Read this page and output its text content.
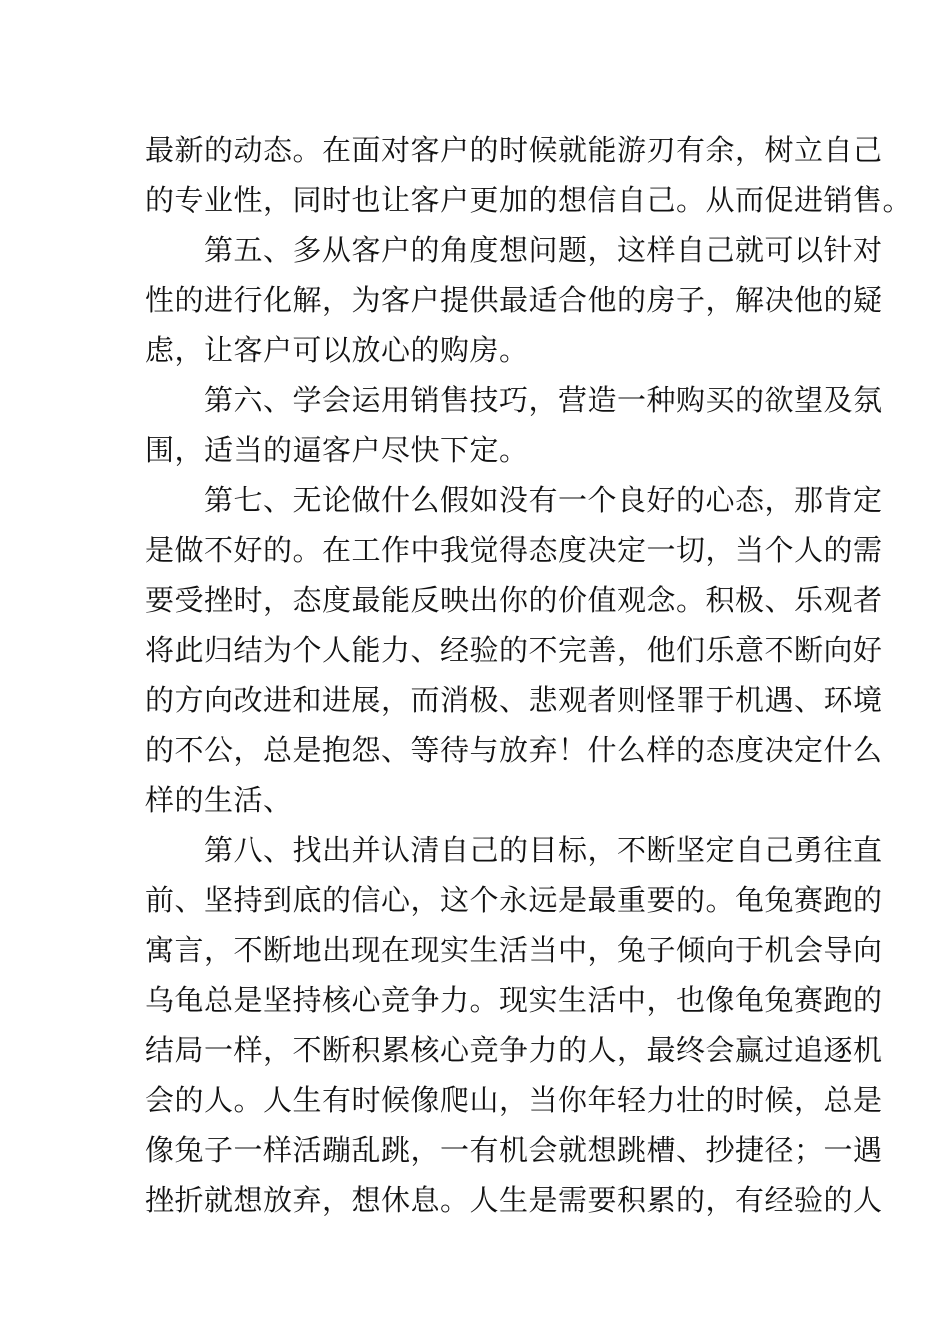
最新的动态。在面对客户的时候就能游刃有余，树立自己
的专业性，同时也让客户更加的想信自己。从而促进销售。
　　第五、多从客户的角度想问题，这样自己就可以针对
性的进行化解，为客户提供最适合他的房子，解决他的疑
虑，让客户可以放心的购房。
　　第六、学会运用销售技巧，营造一种购买的欲望及氛
围，适当的逼客户尽快下定。
　　第七、无论做什么假如没有一个良好的心态，那肯定
是做不好的。在工作中我觉得态度决定一切，当个人的需
要受挫时，态度最能反映出你的价值观念。积极、乐观者
将此归结为个人能力、经验的不完善，他们乐意不断向好
的方向改进和进展，而消极、悲观者则怪罪于机遇、环境
的不公，总是抱怨、等待与放弃！什么样的态度决定什么
样的生活、
　　第八、找出并认清自己的目标，不断坚定自己勇往直
前、坚持到底的信心，这个永远是最重要的。龟兔赛跑的
寓言，不断地出现在现实生活当中，兔子倾向于机会导向
乌龟总是坚持核心竞争力。现实生活中，也像龟兔赛跑的
结局一样，不断积累核心竞争力的人，最终会赢过追逐机
会的人。人生有时候像爬山，当你年轻力壮的时候，总是
像兔子一样活蹦乱跳，一有机会就想跳槽、抄捷径；一遇
挫折就想放弃，想休息。人生是需要积累的，有经验的人
